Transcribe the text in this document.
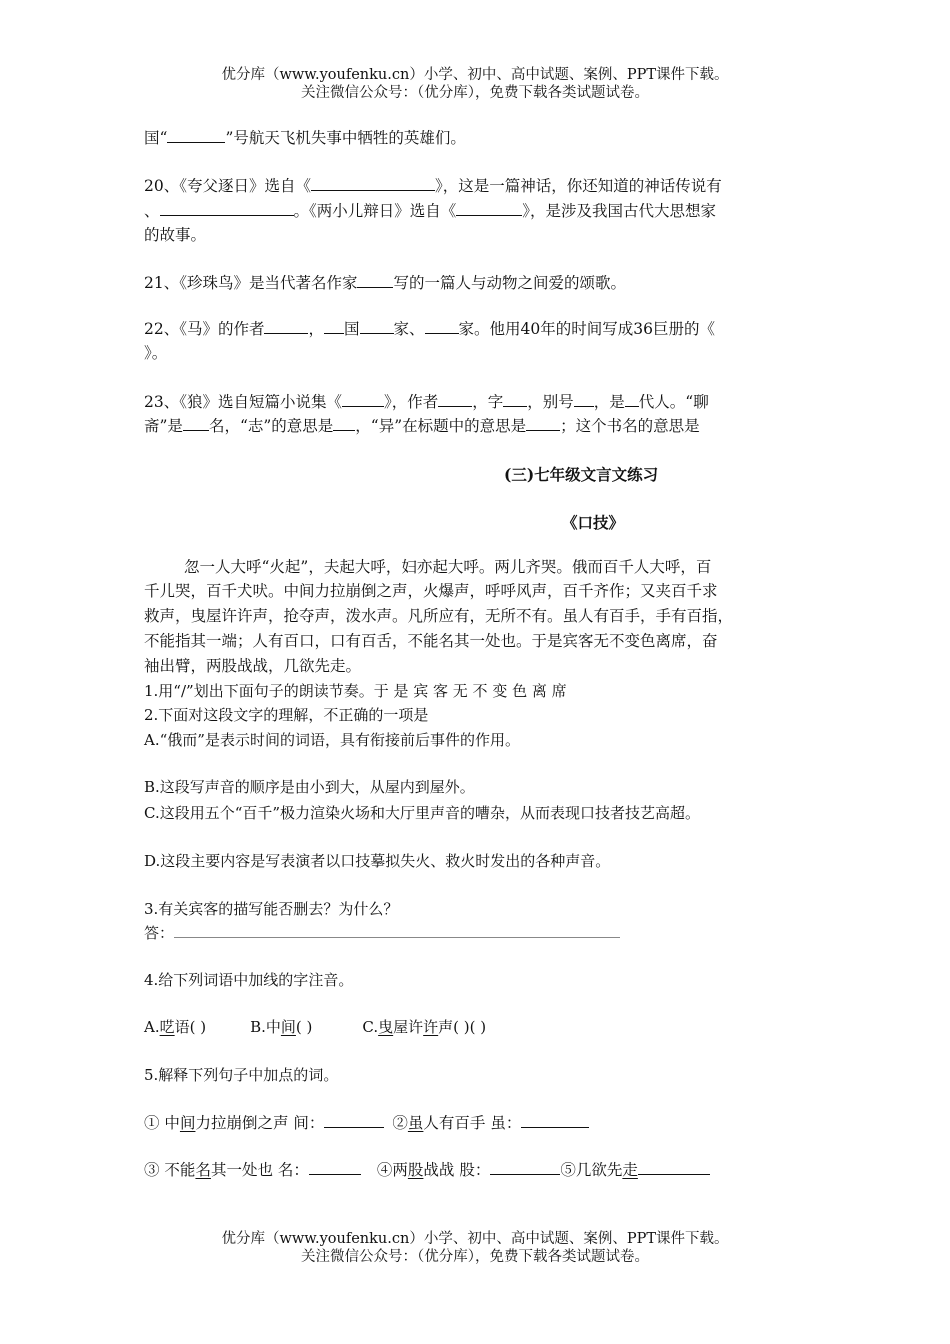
优分库（www.youfenku.cn）小学、初中、高中试题、案例、PPT课件下载。
关注微信公众号：（优分库），免费下载各类试题试卷。
国“	”号航天飞机失事中牺牲的英雄们。
20、《夸父逐日》选自《	》，这是一篇神话，你还知道的神话传说有
、	。《两小儿辩日》选自《	》，是涉及我国古代大思想家
的故事。
21、《珍珠鸟》是当代著名作家 写的一篇人与动物之间爱的颂歌。
22、《马》的作者	， 国 家、 家。他用40年的时间写成36巨册的《
》。
23、《狼》选自短篇小说集《	》，作者 ，字 ，别号 ，是 代人。“聊
斋”是 名，“志”的意思是 ，“异”在标题中的意思是 ；这个书名的意思是
(三)七年级文言文练习
《口技》
忽一人大呼“火起”，夫起大呼，妇亦起大呼。两儿齐哭。俄而百千人大呼，百
千儿哭，百千犬吠。中间力拉崩倒之声，火爆声，呼呼风声，百千齐作；又夹百千求
救声，曳屋许许声，抢夺声，泼水声。凡所应有，无所不有。虽人有百手，手有百指，
不能指其一端；人有百口，口有百舌，不能名其一处也。于是宾客无不变色离席，奋
袖出臂，两股战战，几欲先走。
1.用“/”划出下面句子的朗读节奏。于 是 宾 客 无 不 变 色 离 席
2.下面对这段文字的理解，不正确的一项是
A.“俄而”是表示时间的词语，具有衔接前后事件的作用。
B.这段写声音的顺序是由小到大，从屋内到屋外。
C.这段用五个“百千”极力渲染火场和大厅里声音的嘈杂，从而表现口技者技艺高超。
D.这段主要内容是写表演者以口技摹拟失火、救火时发出的各种声音。
3.有关宾客的描写能否删去？为什么？
答：
4.给下列词语中加线的字注音。
A.呓语( )	B.中间( )	C.曳屋许许声( )( )
5.解释下列句子中加点的词。
① 中间力拉崩倒之声 间：	②虽人有百手 虽：
③ 不能名其一处也 名：	④两股战战 股：	⑤几欲先走
优分库（www.youfenku.cn）小学、初中、高中试题、案例、PPT课件下载。
关注微信公众号：（优分库），免费下载各类试题试卷。
